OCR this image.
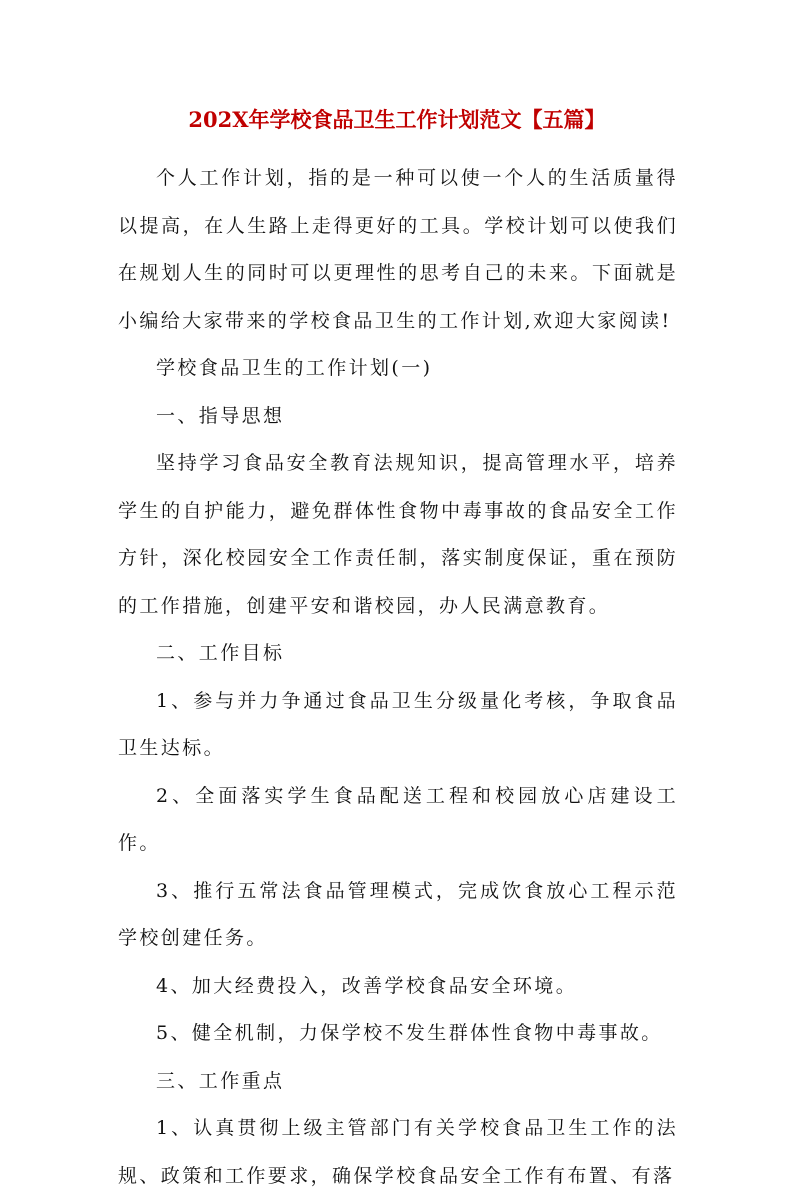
202X年学校食品卫生工作计划范文【五篇】

个人工作计划，指的是一种可以使一个人的生活质量得以提高，在人生路上走得更好的工具。学校计划可以使我们在规划人生的同时可以更理性的思考自己的未来。下面就是小编给大家带来的学校食品卫生的工作计划,欢迎大家阅读!

学校食品卫生的工作计划(一)

一、指导思想

坚持学习食品安全教育法规知识，提高管理水平，培养学生的自护能力，避免群体性食物中毒事故的食品安全工作方针，深化校园安全工作责任制，落实制度保证，重在预防的工作措施，创建平安和谐校园，办人民满意教育。

二、工作目标

1、参与并力争通过食品卫生分级量化考核，争取食品卫生达标。

2、全面落实学生食品配送工程和校园放心店建设工作。

3、推行五常法食品管理模式，完成饮食放心工程示范学校创建任务。

4、加大经费投入，改善学校食品安全环境。

5、健全机制，力保学校不发生群体性食物中毒事故。

三、工作重点

1、认真贯彻上级主管部门有关学校食品卫生工作的法规、政策和工作要求，确保学校食品安全工作有布置、有落
